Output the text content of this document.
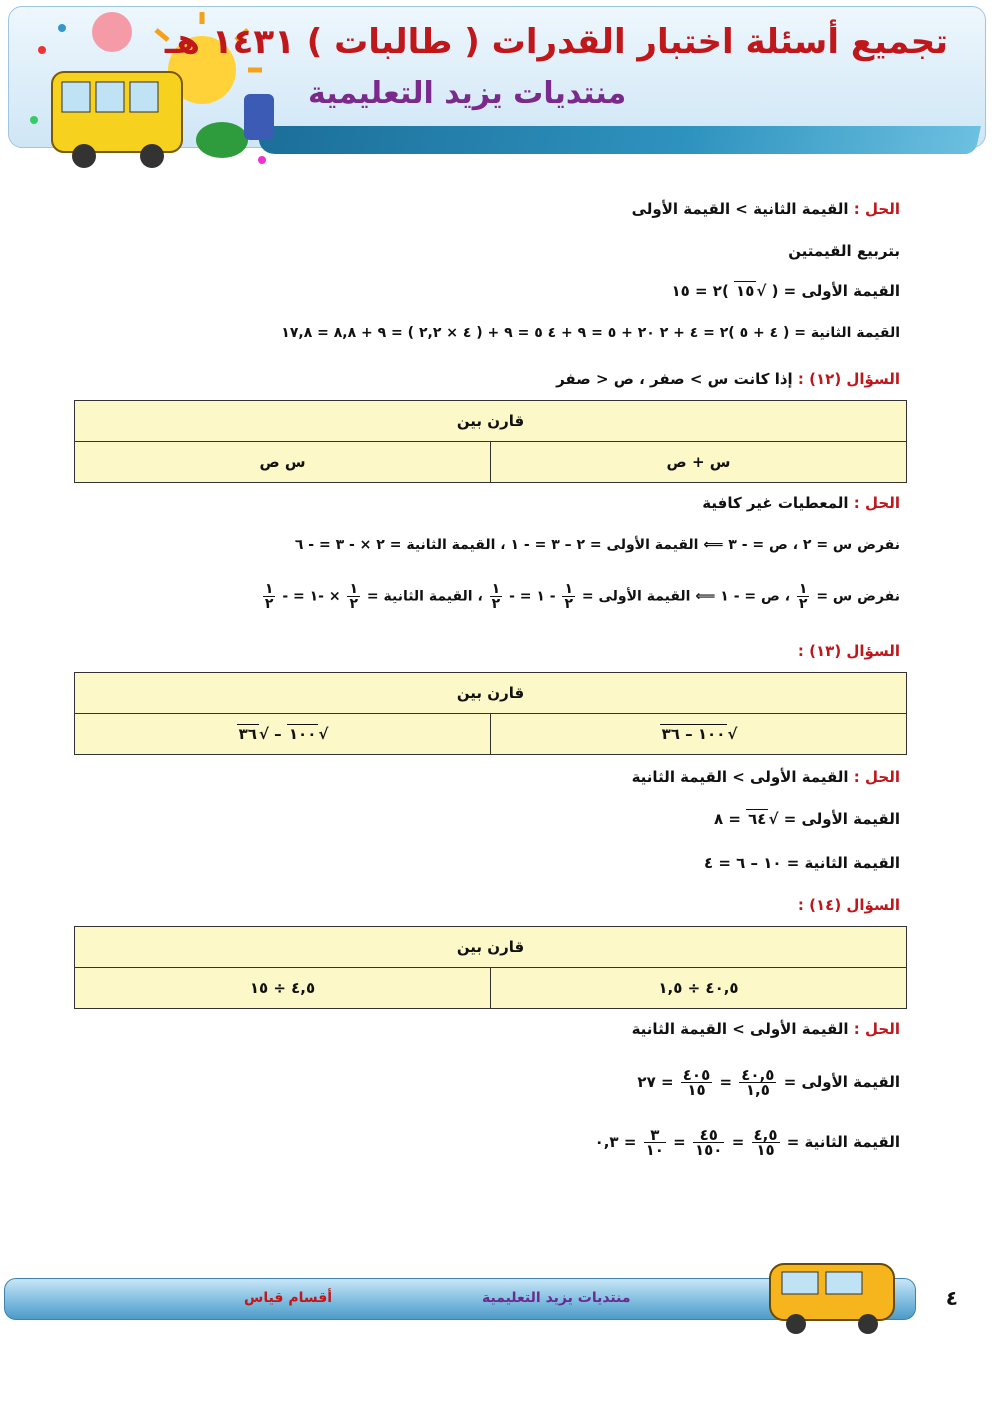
تجميع أسئلة اختبار القدرات ( طالبات ) ١٤٣١ هـ
منتديات يزيد التعليمية
الحل : القيمة الثانية > القيمة الأولى
بتربيع القيمتين
القيمة الأولى = ( √١٥ )٢ = ١٥
القيمة الثانية = ( ٤ + ٥ )٢ = ٤ + ٢ ٢٠ + ٥ = ٩ + ٤ ٥ = ٩ + ( ٤ × ٢,٢ ) = ٩ + ٨,٨ = ١٧,٨
السؤال (١٢) : إذا كانت س > صفر ، ص < صفر
قارن بين
س + ص	س ص
الحل : المعطيات غير كافية
نفرض س = ٢ ، ص = - ٣ ⟸ القيمة الأولى = ٢ – ٣ = - ١ ، القيمة الثانية = ٢ × - ٣ = - ٦
نفرض س =
$\frac{١}{٢}$
، ص = - ١ ⟸ القيمة الأولى =
$\frac{١}{٢}$
- ١ = -
$\frac{١}{٢}$
، القيمة الثانية =
$\frac{١}{٢}$
× -١ = -
$\frac{١}{٢}$
السؤال (١٣) :
قارن بين
√١٠٠ – ٣٦	√١٠٠ – √٣٦
الحل : القيمة الأولى > القيمة الثانية
القيمة الأولى = √٦٤ = ٨
القيمة الثانية = ١٠ – ٦ = ٤
السؤال (١٤) :
قارن بين
٤٠,٥ ÷ ١,٥	٤,٥ ÷ ١٥
الحل : القيمة الأولى > القيمة الثانية
القيمة الأولى =
$\frac{٤٠,٥}{١,٥}$
=
$\frac{٤٠٥}{١٥}$
= ٢٧
القيمة الثانية =
$\frac{٤,٥}{١٥}$
=
$\frac{٤٥}{١٥٠}$
=
$\frac{٣}{١٠}$
= ٠,٣
أقسام قياس	منتديات يزيد التعليمية	٤
